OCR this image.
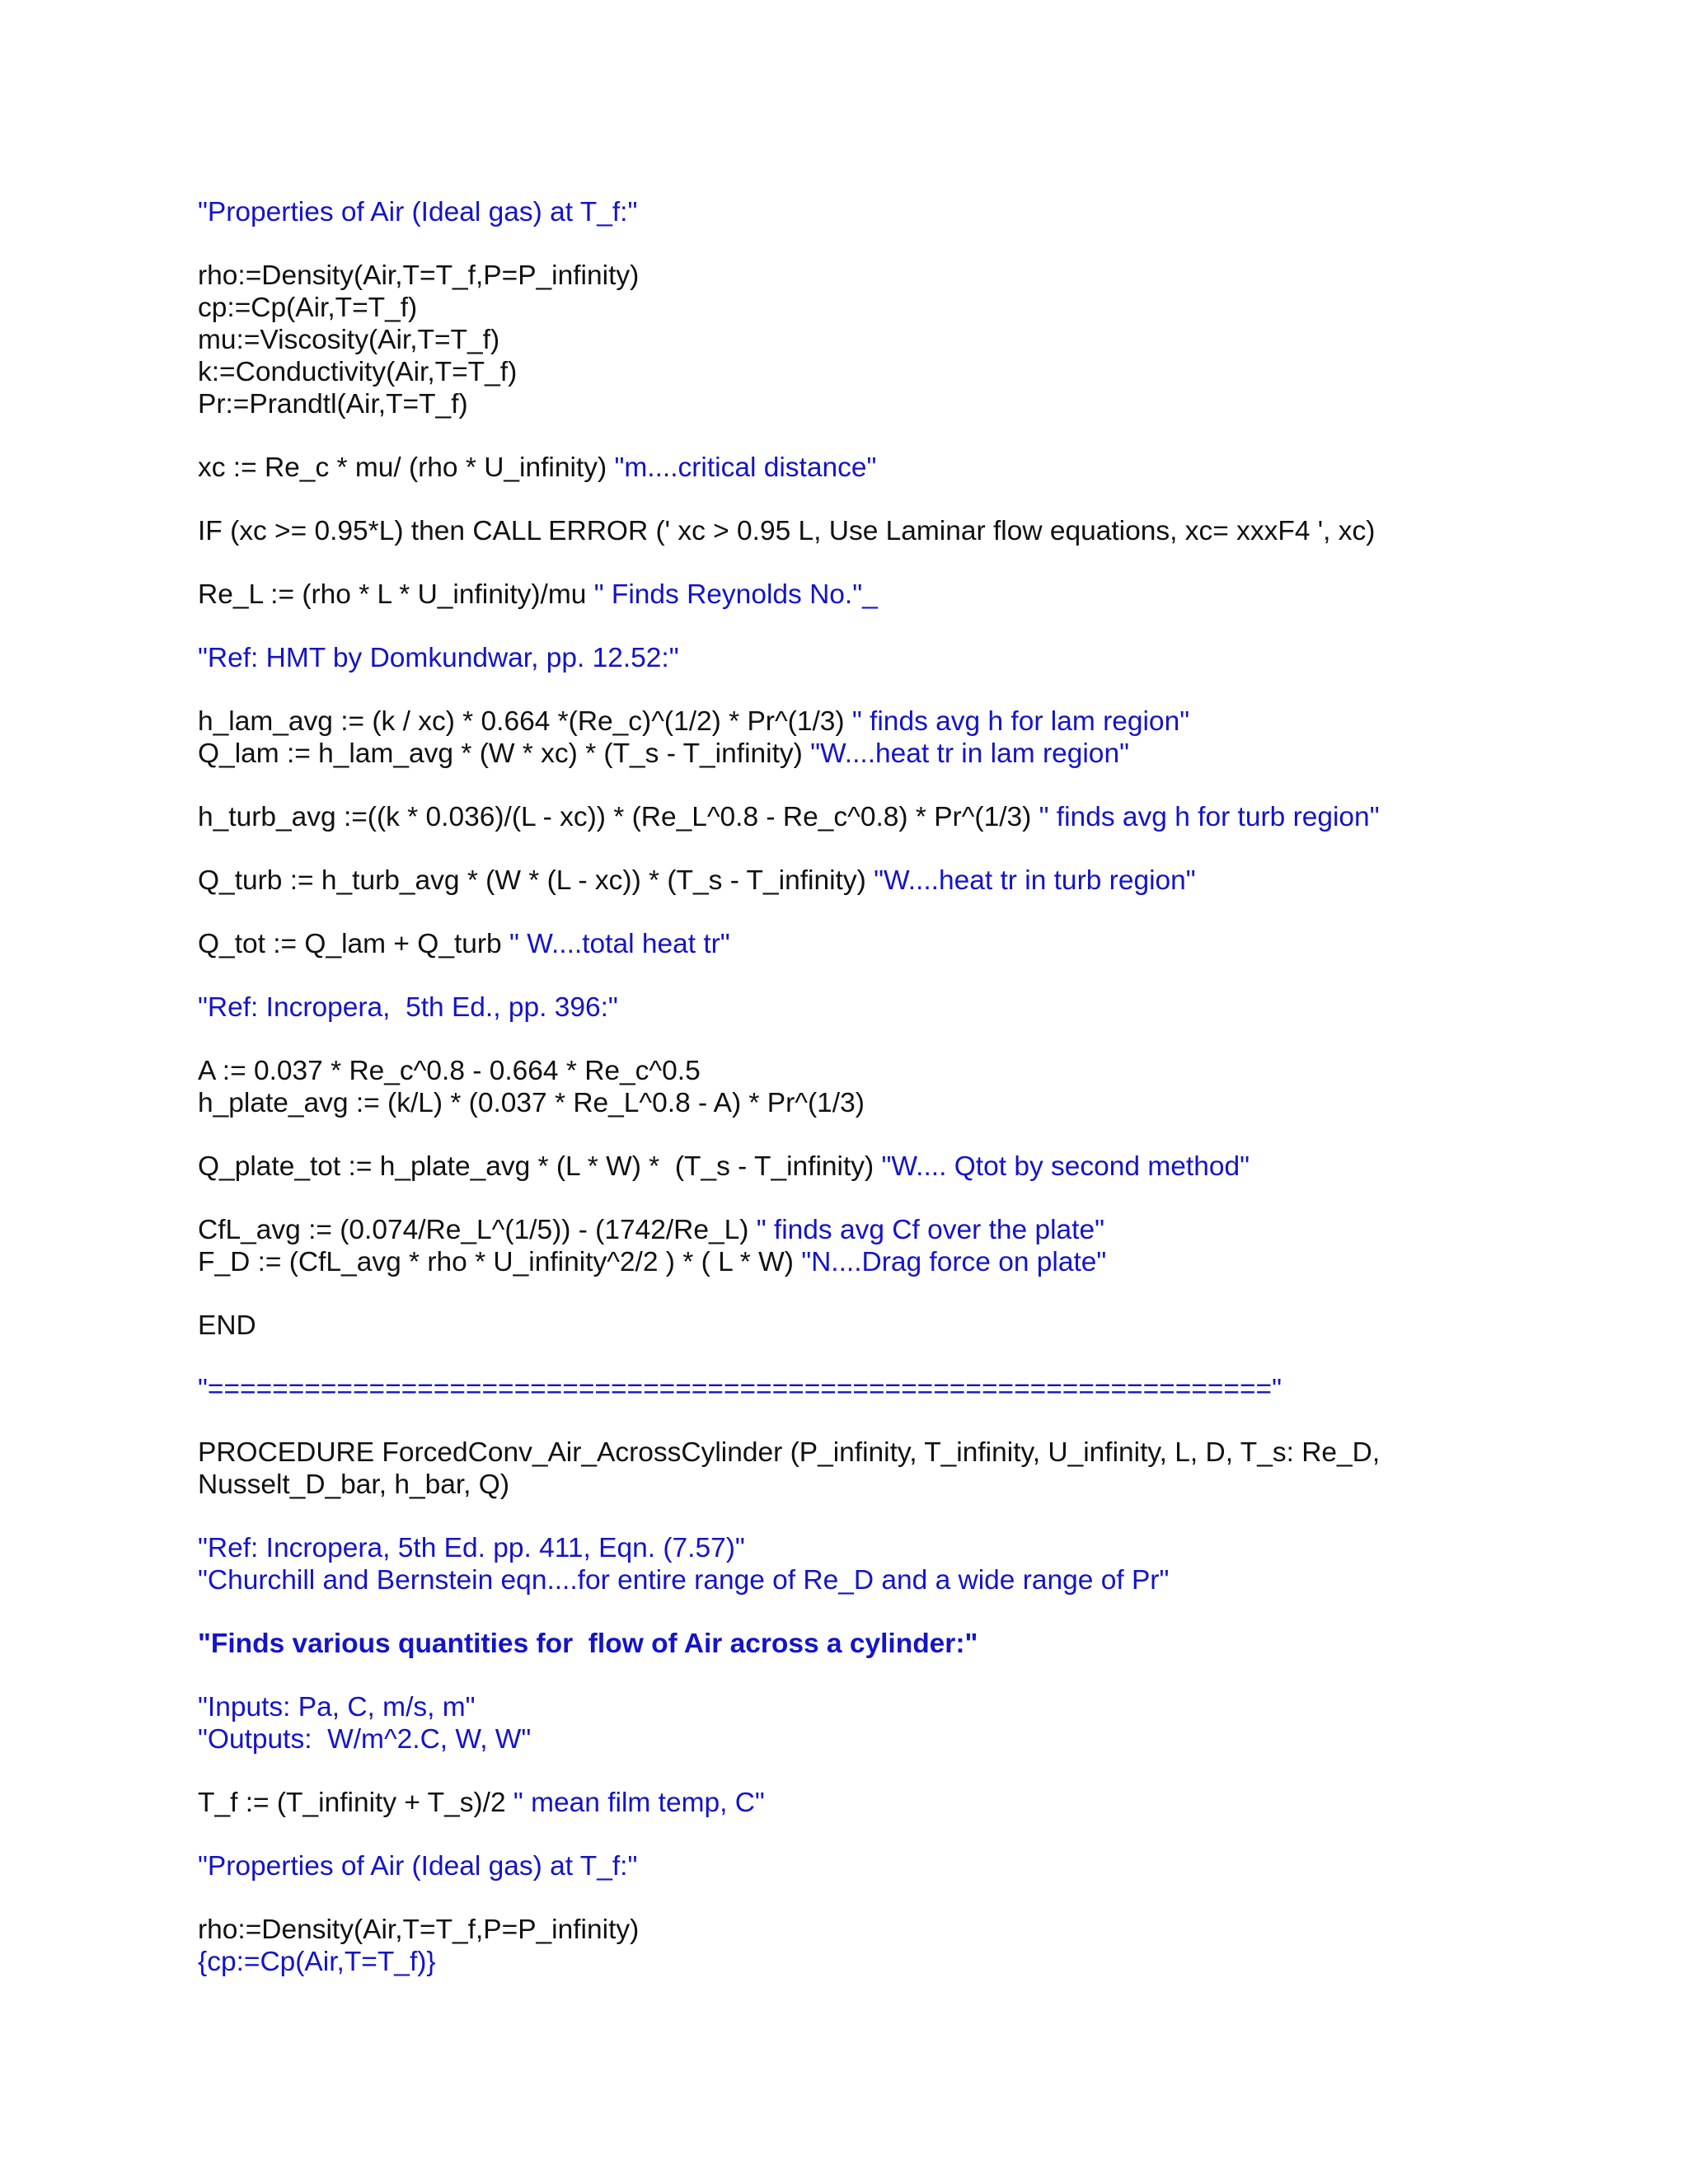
"Properties of Air (Ideal gas) at T_f:"
rho:=Density(Air,T=T_f,P=P_infinity)
cp:=Cp(Air,T=T_f)
mu:=Viscosity(Air,T=T_f)
k:=Conductivity(Air,T=T_f)
Pr:=Prandtl(Air,T=T_f)
xc := Re_c * mu/ (rho * U_infinity) "m....critical distance"
IF (xc >= 0.95*L) then CALL ERROR (' xc > 0.95 L, Use Laminar flow equations, xc= xxxF4 ', xc)
Re_L := (rho * L * U_infinity)/mu " Finds Reynolds No."_
"Ref: HMT by Domkundwar, pp. 12.52:"
h_lam_avg := (k / xc) * 0.664 *(Re_c)^(1/2) * Pr^(1/3) " finds avg h for lam region"
Q_lam := h_lam_avg * (W * xc) * (T_s - T_infinity) "W....heat tr in lam region"
h_turb_avg :=((k * 0.036)/(L - xc)) * (Re_L^0.8 - Re_c^0.8) * Pr^(1/3) " finds avg h for turb region"
Q_turb := h_turb_avg * (W * (L - xc)) * (T_s - T_infinity) "W....heat tr in turb region"
Q_tot := Q_lam + Q_turb " W....total heat tr"
"Ref: Incropera,  5th Ed., pp. 396:"
A := 0.037 * Re_c^0.8 - 0.664 * Re_c^0.5
h_plate_avg := (k/L) * (0.037 * Re_L^0.8 - A) * Pr^(1/3)
Q_plate_tot := h_plate_avg * (L * W) *  (T_s - T_infinity) "W.... Qtot by second method"
CfL_avg := (0.074/Re_L^(1/5)) - (1742/Re_L) " finds avg Cf over the plate"
F_D := (CfL_avg * rho * U_infinity^2/2 ) * ( L * W) "N....Drag force on plate"
END
"=================================================================="
PROCEDURE ForcedConv_Air_AcrossCylinder (P_infinity, T_infinity, U_infinity, L, D, T_s: Re_D, Nusselt_D_bar, h_bar, Q)
"Ref: Incropera, 5th Ed. pp. 411, Eqn. (7.57)"
"Churchill and Bernstein eqn....for entire range of Re_D and a wide range of Pr"
"Finds various quantities for  flow of Air across a cylinder:"
"Inputs: Pa, C, m/s, m"
"Outputs:  W/m^2.C, W, W"
T_f := (T_infinity + T_s)/2 " mean film temp, C"
"Properties of Air (Ideal gas) at T_f:"
rho:=Density(Air,T=T_f,P=P_infinity)
{cp:=Cp(Air,T=T_f)}
